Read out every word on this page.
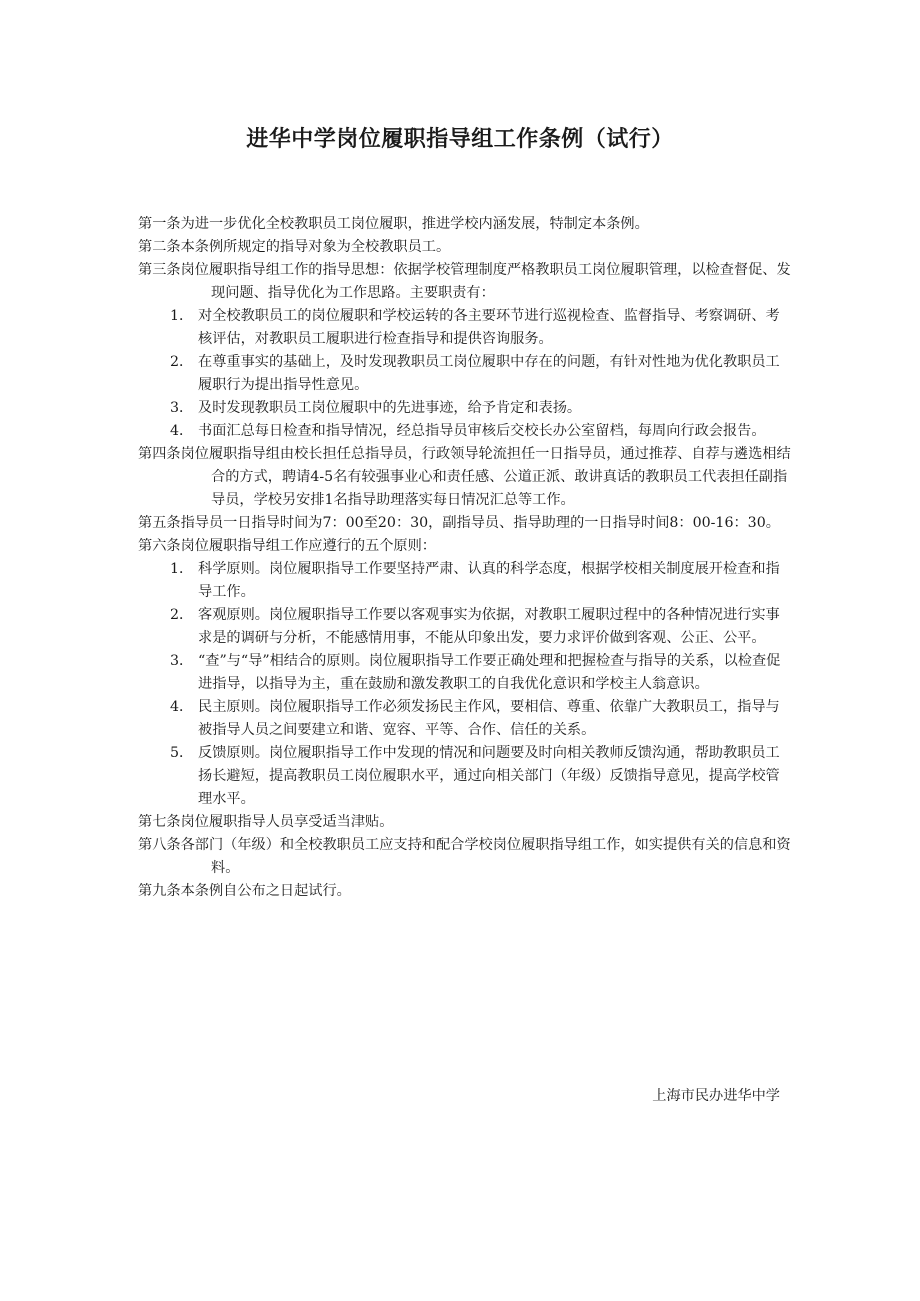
进华中学岗位履职指导组工作条例（试行）

第一条为进一步优化全校教职员工岗位履职，推进学校内涵发展，特制定本条例。

第二条本条例所规定的指导对象为全校教职员工。

第三条岗位履职指导组工作的指导思想：依据学校管理制度严格教职员工岗位履职管理，以检查督促、发现问题、指导优化为工作思路。主要职责有：

1． 对全校教职员工的岗位履职和学校运转的各主要环节进行巡视检查、监督指导、考察调研、考核评估，对教职员工履职进行检查指导和提供咨询服务。
2． 在尊重事实的基础上，及时发现教职员工岗位履职中存在的问题，有针对性地为优化教职员工履职行为提出指导性意见。
3． 及时发现教职员工岗位履职中的先进事迹，给予肯定和表扬。
4． 书面汇总每日检查和指导情况，经总指导员审核后交校长办公室留档，每周向行政会报告。

第四条岗位履职指导组由校长担任总指导员，行政领导轮流担任一日指导员，通过推荐、自荐与遴选相结合的方式，聘请4-5名有较强事业心和责任感、公道正派、敢讲真话的教职员工代表担任副指导员，学校另安排1名指导助理落实每日情况汇总等工作。

第五条指导员一日指导时间为7：00至20：30，副指导员、指导助理的一日指导时间8：00-16：30。

第六条岗位履职指导组工作应遵行的五个原则：

1． 科学原则。岗位履职指导工作要坚持严肃、认真的科学态度，根据学校相关制度展开检查和指导工作。
2． 客观原则。岗位履职指导工作要以客观事实为依据，对教职工履职过程中的各种情况进行实事求是的调研与分析，不能感情用事，不能从印象出发，要力求评价做到客观、公正、公平。
3． “查”与“导”相结合的原则。岗位履职指导工作要正确处理和把握检查与指导的关系，以检查促进指导，以指导为主，重在鼓励和激发教职工的自我优化意识和学校主人翁意识。
4． 民主原则。岗位履职指导工作必须发扬民主作风，要相信、尊重、依靠广大教职员工，指导与被指导人员之间要建立和谐、宽容、平等、合作、信任的关系。
5． 反馈原则。岗位履职指导工作中发现的情况和问题要及时向相关教师反馈沟通，帮助教职员工扬长避短，提高教职员工岗位履职水平，通过向相关部门（年级）反馈指导意见，提高学校管理水平。

第七条岗位履职指导人员享受适当津贴。

第八条各部门（年级）和全校教职员工应支持和配合学校岗位履职指导组工作，如实提供有关的信息和资料。

第九条本条例自公布之日起试行。

上海市民办进华中学
